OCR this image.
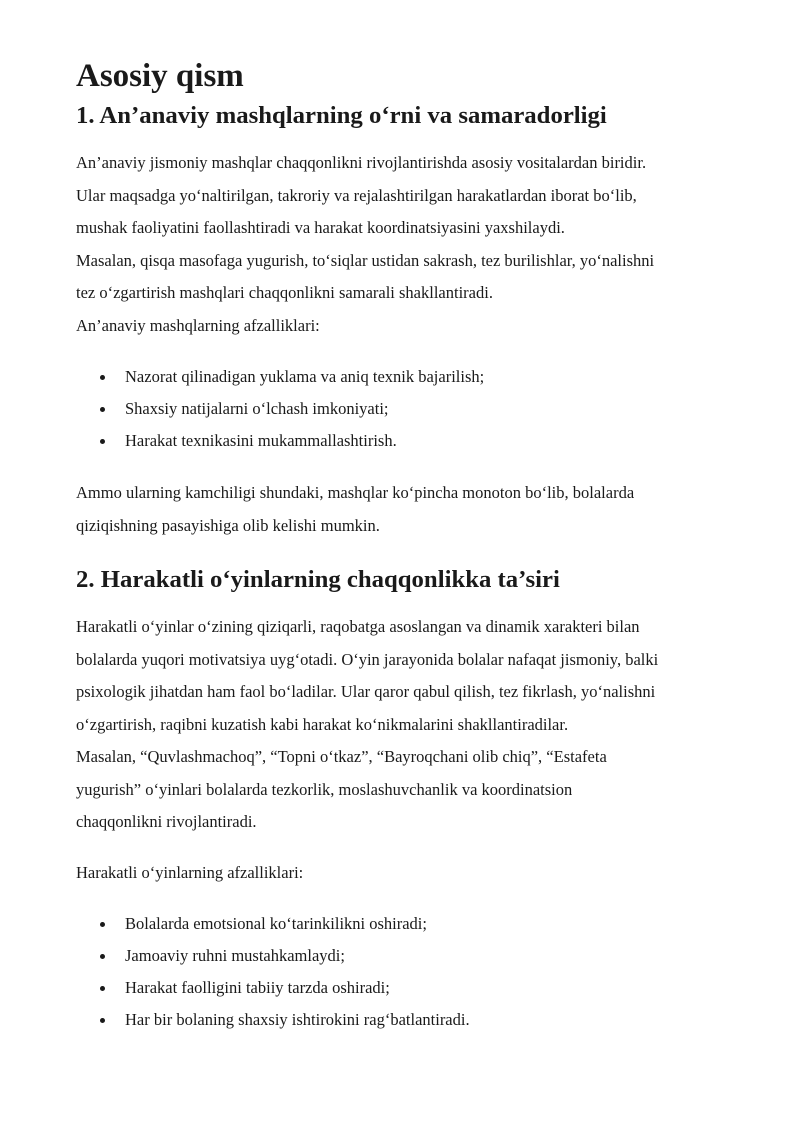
Asosiy qism
1. An’anaviy mashqlarning o‘rni va samaradorligi

An’anaviy jismoniy mashqlar chaqqonlikni rivojlantirishda asosiy vositalardan biridir.
Ular maqsadga yo‘naltirilgan, takroriy va rejalashtirilgan harakatlardan iborat bo‘lib,
mushak faoliyatini faollashtiradi va harakat koordinatsiyasini yaxshilaydi.
Masalan, qisqa masofaga yugurish, to‘siqlar ustidan sakrash, tez burilishlar, yo‘nalishni
tez o‘zgartirish mashqlari chaqqonlikni samarali shakllantiradi.
An’anaviy mashqlarning afzalliklari:

Nazorat qilinadigan yuklama va aniq texnik bajarilish;
Shaxsiy natijalarni o‘lchash imkoniyati;
Harakat texnikasini mukammallashtirish.

Ammo ularning kamchiligi shundaki, mashqlar ko‘pincha monoton bo‘lib, bolalarda
qiziqishning pasayishiga olib kelishi mumkin.

2. Harakatli o‘yinlarning chaqqonlikka ta’siri

Harakatli o‘yinlar o‘zining qiziqarli, raqobatga asoslangan va dinamik xarakteri bilan
bolalarda yuqori motivatsiya uyg‘otadi. O‘yin jarayonida bolalar nafaqat jismoniy, balki
psixologik jihatdan ham faol bo‘ladilar. Ular qaror qabul qilish, tez fikrlash, yo‘nalishni
o‘zgartirish, raqibni kuzatish kabi harakat ko‘nikmalarini shakllantiradilar.
Masalan, “Quvlashmachoq”, “Topni o‘tkaz”, “Bayroqchani olib chiq”, “Estafeta
yugurish” o‘yinlari bolalarda tezkorlik, moslashuvchanlik va koordinatsion
chaqqonlikni rivojlantiradi.

Harakatli o‘yinlarning afzalliklari:

Bolalarda emotsional ko‘tarinkilikni oshiradi;
Jamoaviy ruhni mustahkamlaydi;
Harakat faolligini tabiiy tarzda oshiradi;
Har bir bolaning shaxsiy ishtirokini rag‘batlantiradi.
